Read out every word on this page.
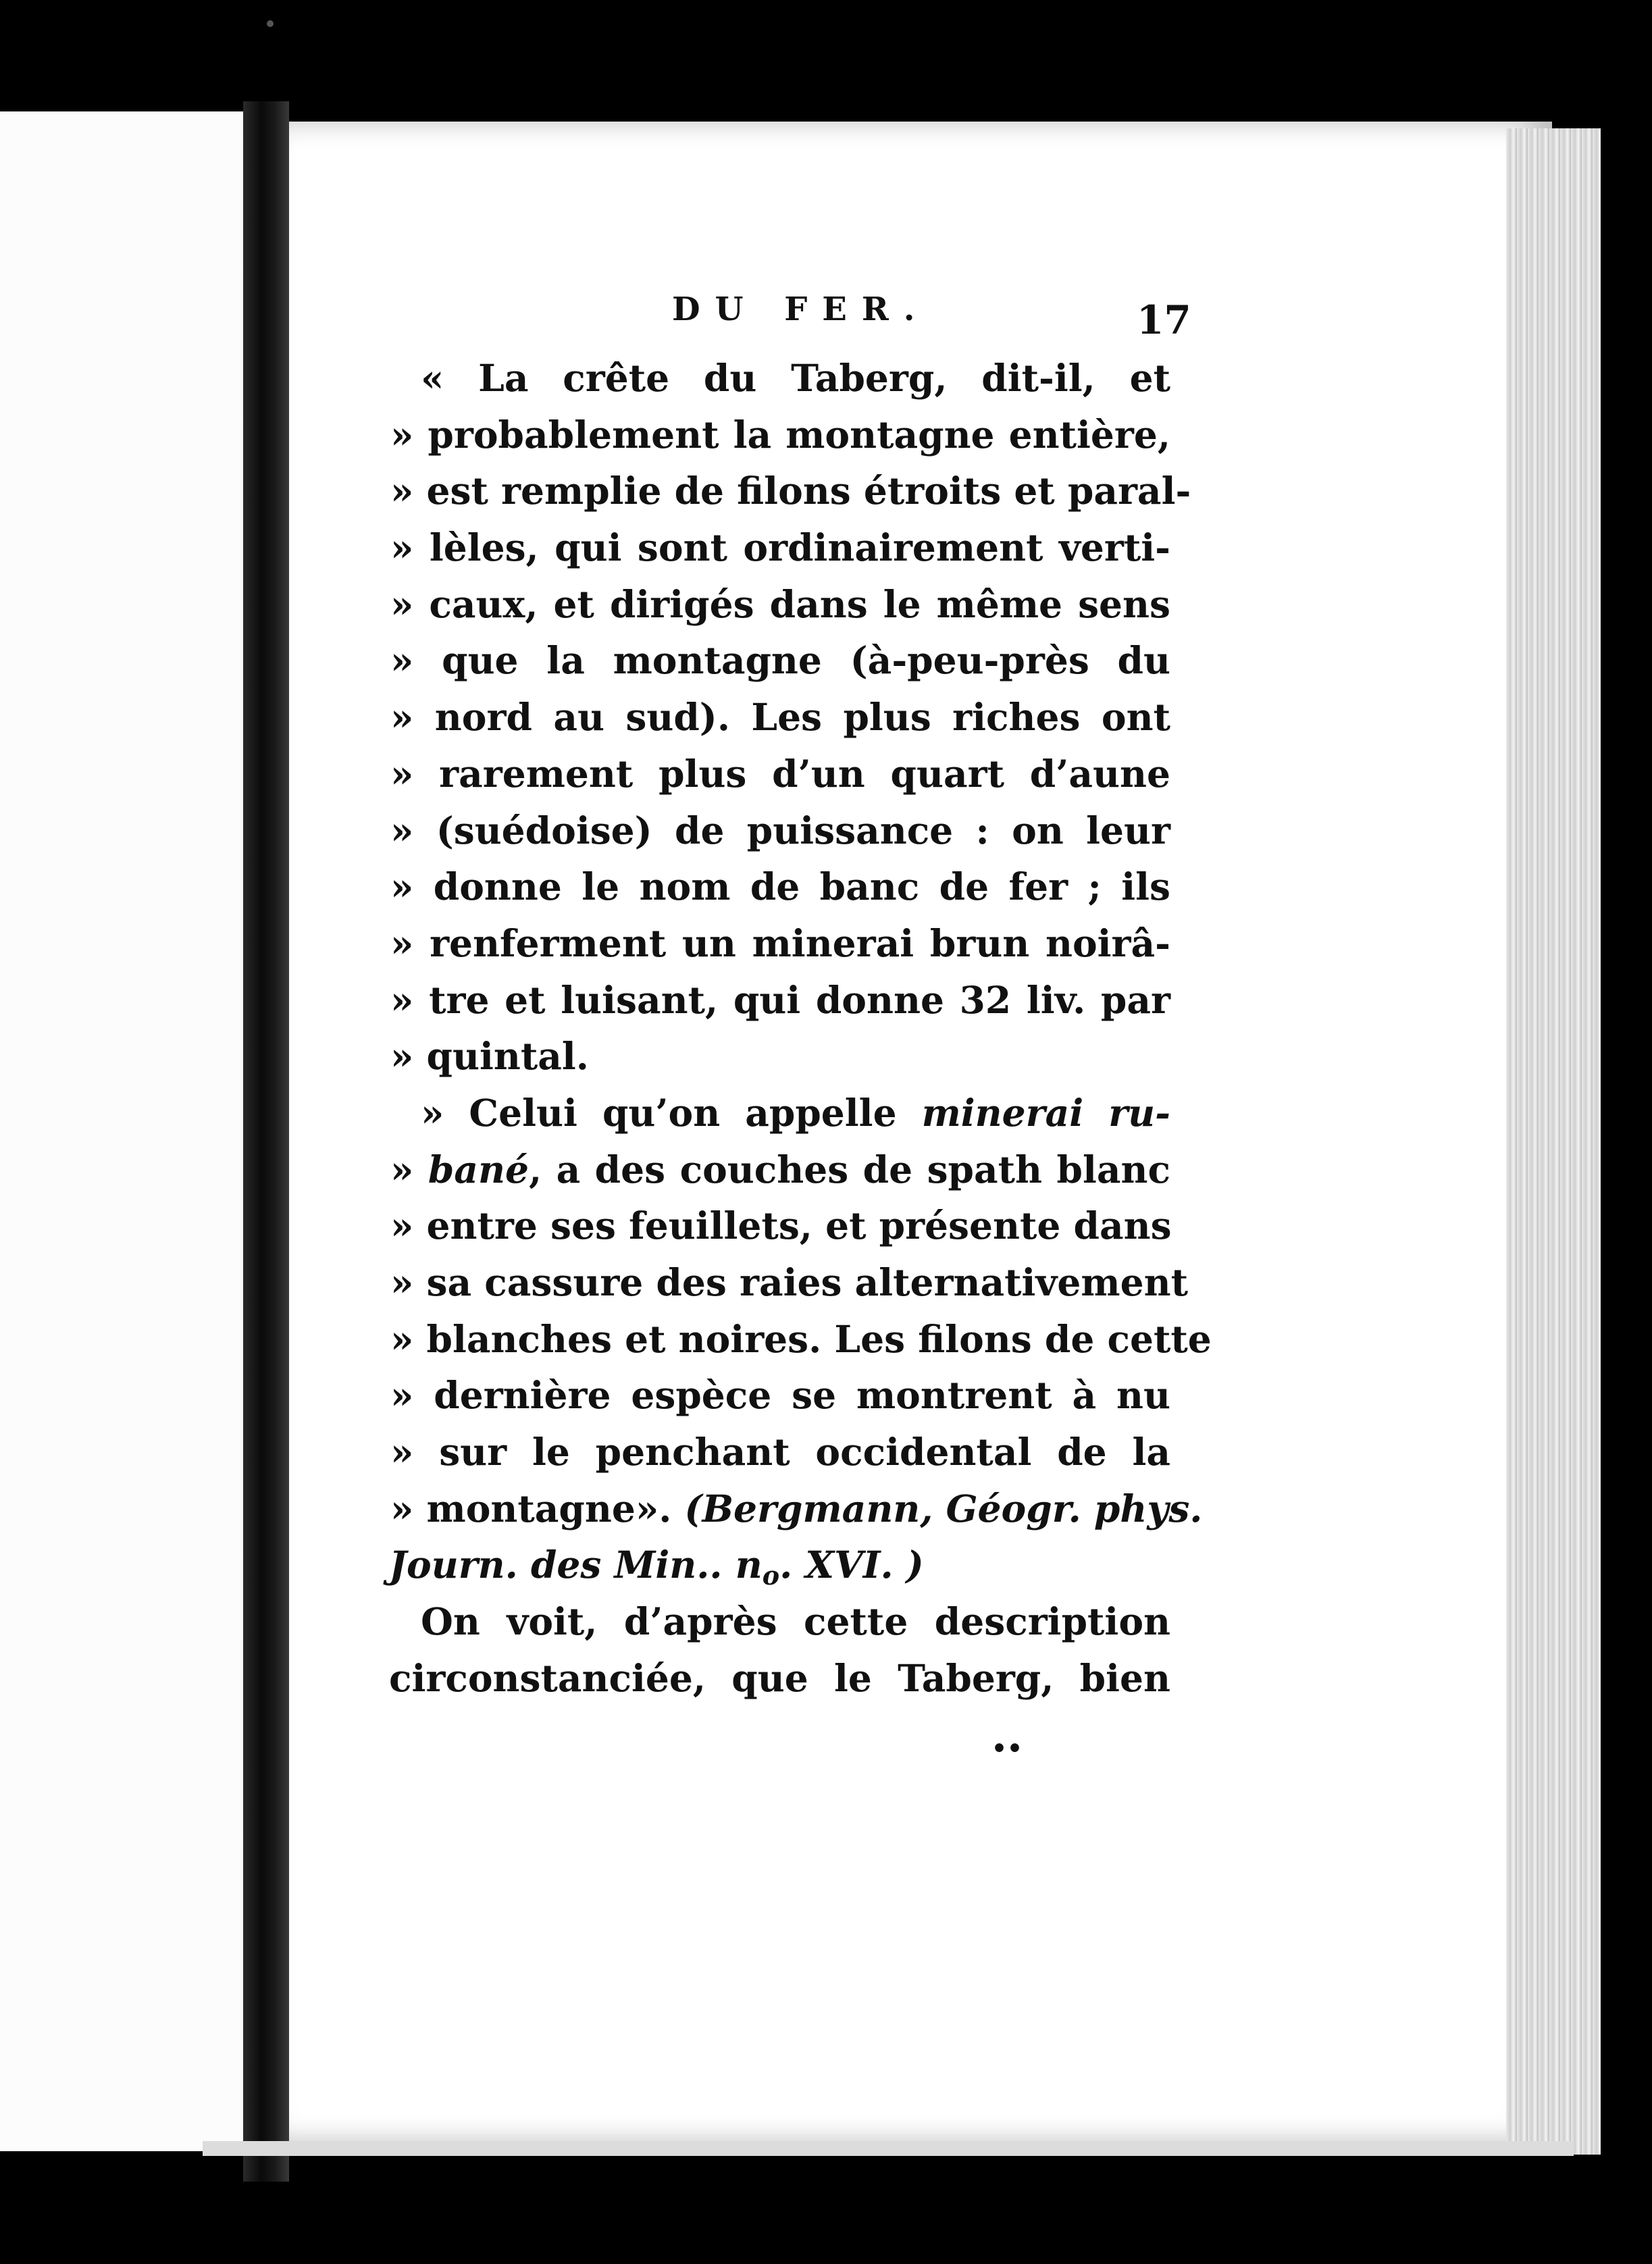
DU FER.	17
« La crête du Taberg, dit-il, et
» probablement la montagne entière,
» est remplie de filons étroits et paral-
» lèles, qui sont ordinairement verti-
» caux, et dirigés dans le même sens
» que la montagne (à-peu-près du
» nord au sud). Les plus riches ont
» rarement plus d’un quart d’aune
» (suédoise) de puissance : on leur
» donne le nom de banc de fer ; ils
» renferment un minerai brun noirâ-
» tre et luisant, qui donne 32 liv. par
» quintal.
» Celui qu’on appelle minerai ru-
» bané, a des couches de spath blanc
» entre ses feuillets, et présente dans
» sa cassure des raies alternativement
» blanches et noires. Les filons de cette
» dernière espèce se montrent à nu
» sur le penchant occidental de la
» montagne». (Bergmann, Géogr. phys.
Journ. des Min.. $n_o$. XVI. )
On voit, d’après cette description
circonstanciée, que le Taberg, bien
••
